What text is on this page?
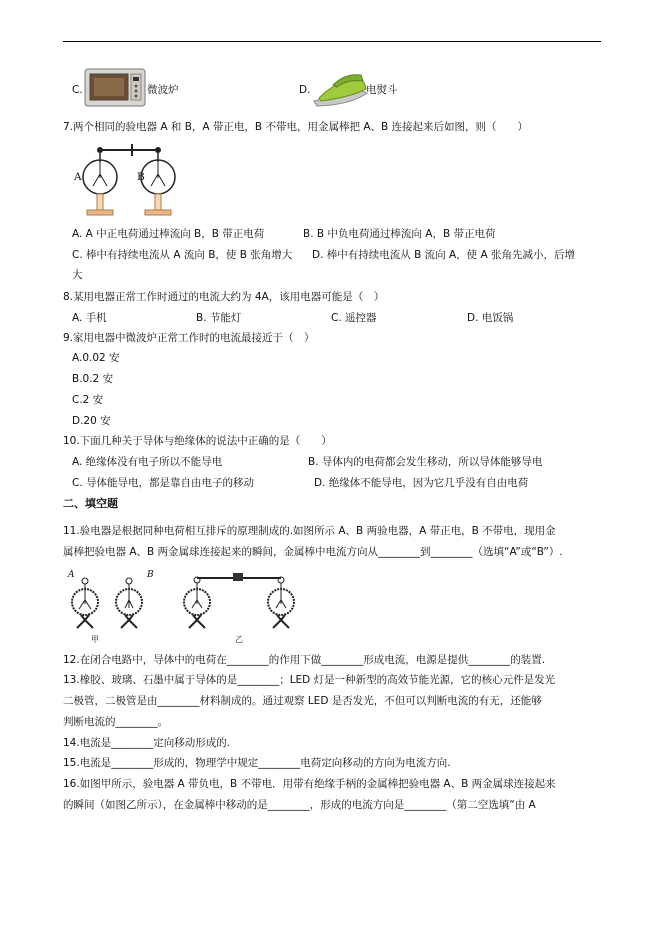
C.	微波炉	D.	电熨斗
7.两个相同的验电器 A 和 B，A 带正电，B 不带电，用金属棒把 A、B 连接起来后如图，则（　　）
A	B
A. A 中正电荷通过棒流向 B，B 带正电荷	B. B 中负电荷通过棒流向 A，B 带正电荷
C. 棒中有持续电流从 A 流向 B，使 B 张角增大 D. 棒中有持续电流从 B 流向 A，使 A 张角先减小，后增
大
8.某用电器正常工作时通过的电流大约为 4A，该用电器可能是（　）
A. 手机	B. 节能灯	C. 遥控器	D. 电饭锅
9.家用电器中微波炉正常工作时的电流最接近于（　）
A.0.02 安
B.0.2 安
C.2 安
D.20 安
10.下面几种关于导体与绝缘体的说法中正确的是（　　）
A. 绝缘体没有电子所以不能导电	B. 导体内的电荷都会发生移动，所以导体能够导电
C. 导体能导电，都是靠自由电子的移动	D. 绝缘体不能导电，因为它几乎没有自由电荷
二、填空题
11.验电器是根据同种电荷相互排斥的原理制成的.如图所示 A、B 两验电器，A 带正电，B 不带电，现用金
属棒把验电器 A、B 两金属球连接起来的瞬间，金属棒中电流方向从________到________（选填“A”或“B”）.
A	B
甲	乙
12.在闭合电路中，导体中的电荷在________的作用下做________形成电流，电源是提供________的装置.
13.橡胶、玻璃、石墨中属于导体的是________；LED 灯是一种新型的高效节能光源，它的核心元件是发光
二极管，二极管是由________材料制成的。通过观察 LED 是否发光，不但可以判断电流的有无，还能够
判断电流的________。
14.电流是________定向移动形成的.
15.电流是________形成的，物理学中规定________电荷定向移动的方向为电流方向.
16.如图甲所示，验电器 A 带负电，B 不带电．用带有绝缘手柄的金属棒把验电器 A、B 两金属球连接起来
的瞬间（如图乙所示），在金属棒中移动的是________，形成的电流方向是________（第二空选填“由 A
